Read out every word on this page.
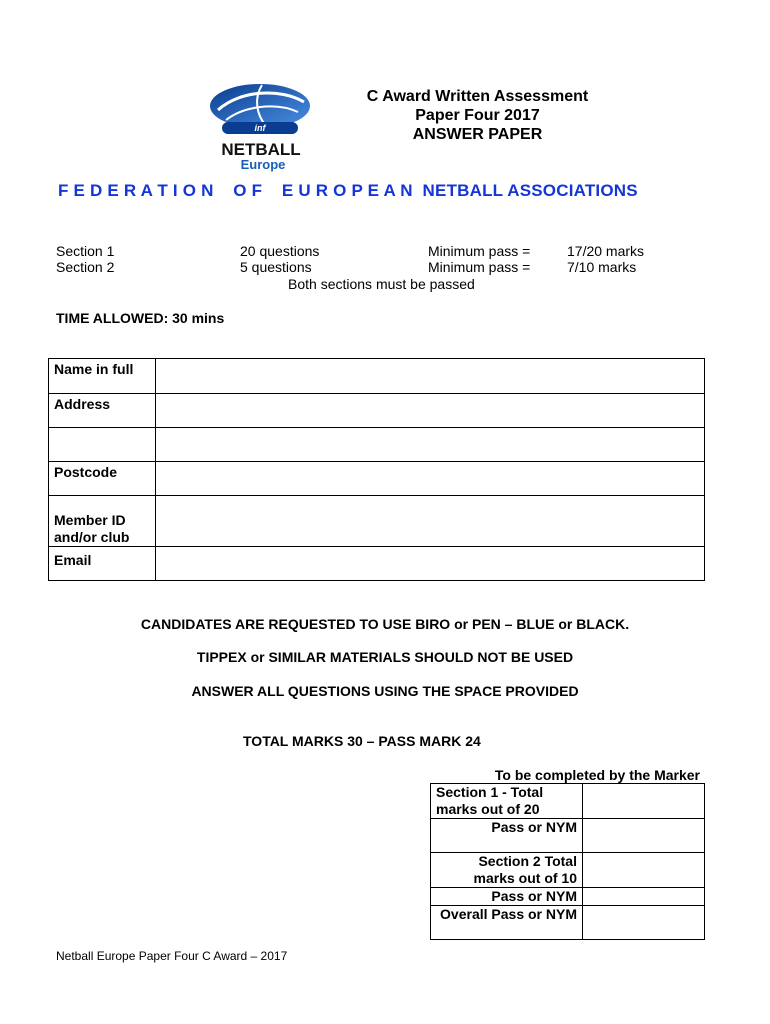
inf
NETBALL
Europe
C Award Written Assessment
Paper Four 2017
ANSWER PAPER
F E D E R A T I O N    O F    E U R O P E A N  NETBALL ASSOCIATIONS
Section 1	20 questions	Minimum pass =	17/20 marks
Section 2	5 questions	Minimum pass =	7/10 marks
Both sections must be passed
TIME ALLOWED: 30 mins
Name in full	
Address	

Postcode	
Member ID and/or club	
Email	
CANDIDATES ARE REQUESTED TO USE BIRO or PEN – BLUE or BLACK.
TIPPEX or SIMILAR MATERIALS SHOULD NOT BE USED
ANSWER ALL QUESTIONS USING THE SPACE PROVIDED
TOTAL MARKS 30 – PASS MARK 24
To be completed by the Marker
Section 1 - Total marks out of 20	
Pass or NYM	
Section 2 Total marks out of 10	
Pass or NYM	
Overall Pass or NYM	
Netball Europe Paper Four C Award – 2017
